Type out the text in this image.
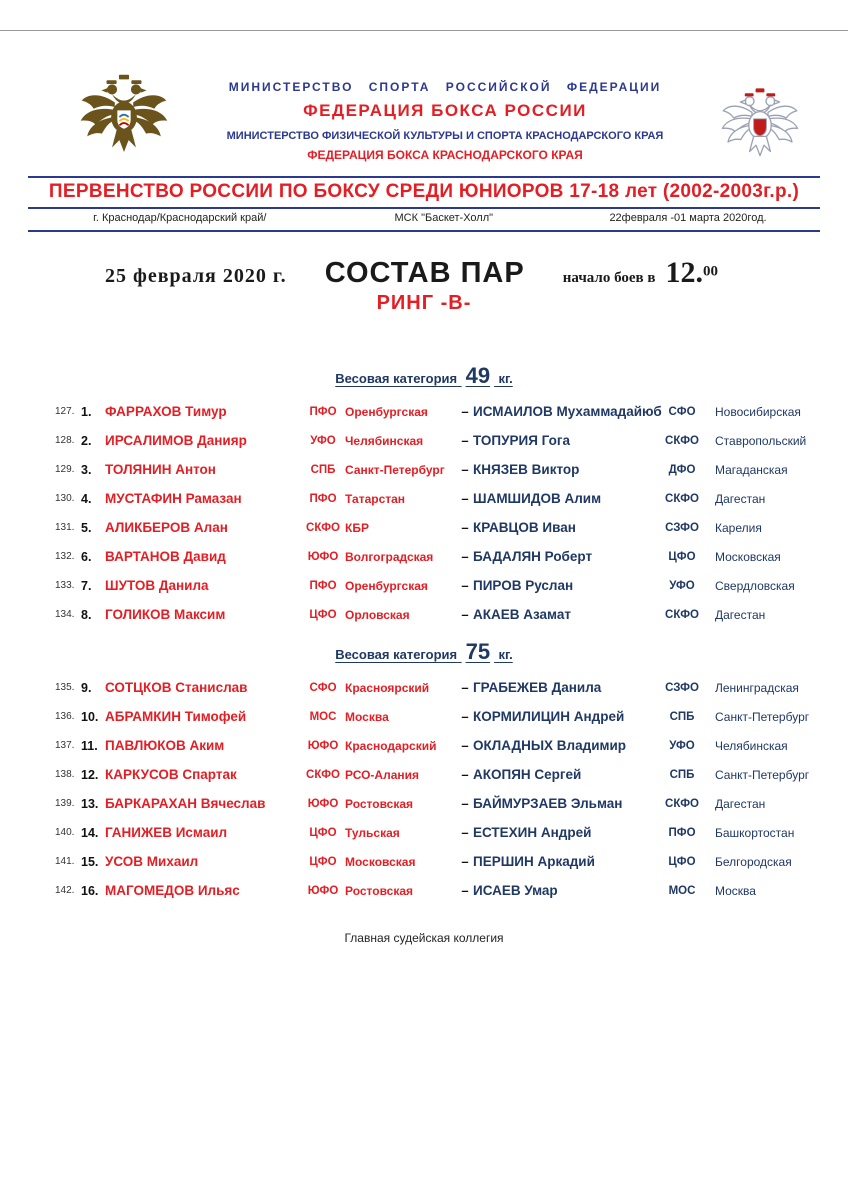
МИНИСТЕРСТВО СПОРТА РОССИЙСКОЙ ФЕДЕРАЦИИ
ФЕДЕРАЦИЯ БОКСА РОССИИ
МИНИСТЕРСТВО ФИЗИЧЕСКОЙ КУЛЬТУРЫ И СПОРТА КРАСНОДАРСКОГО КРАЯ
ФЕДЕРАЦИЯ БОКСА КРАСНОДАРСКОГО КРАЯ
ПЕРВЕНСТВО РОССИИ ПО БОКСУ СРЕДИ ЮНИОРОВ 17-18 лет (2002-2003г.р.)
г. Краснодар/Краснодарский край/	МСК "Баскет-Холл"	22февраля -01 марта 2020год.
25 февраля 2020 г.	СОСТАВ ПАР	начало боев в 12.00
РИНГ -В-
Весовая категория 49 кг.
127. 1.	ФАРРАХОВ Тимур	ПФО Оренбургская	– ИСМАИЛОВ Мухаммадайюб СФО	Новосибирская
128. 2.	ИРСАЛИМОВ Данияр	УФО Челябинская	– ТОПУРИЯ Гога	СКФО	Ставропольский
129. 3.	ТОЛЯНИН Антон	СПБ Санкт-Петербург	– КНЯЗЕВ Виктор	ДФО	Магаданская
130. 4.	МУСТАФИН Рамазан	ПФО Татарстан	– ШАМШИДОВ Алим	СКФО	Дагестан
131. 5.	АЛИКБЕРОВ Алан	СКФО КБР	– КРАВЦОВ Иван	СЗФО	Карелия
132. 6.	ВАРТАНОВ Давид	ЮФО Волгоградская	– БАДАЛЯН Роберт	ЦФО	Московская
133. 7.	ШУТОВ Данила	ПФО Оренбургская	– ПИРОВ Руслан	УФО	Свердловская
134. 8.	ГОЛИКОВ Максим	ЦФО Орловская	– АКАЕВ Азамат	СКФО	Дагестан
Весовая категория 75 кг.
135. 9.	СОТЦКОВ Станислав	СФО Красноярский	– ГРАБЕЖЕВ Данила	СЗФО	Ленинградская
136. 10. АБРАМКИН Тимофей	МОС Москва	– КОРМИЛИЦИН Андрей	СПБ	Санкт-Петербург
137. 11. ПАВЛЮКОВ Аким	ЮФО Краснодарский	– ОКЛАДНЫХ Владимир	УФО	Челябинская
138. 12. КАРКУСОВ Спартак	СКФО РСО-Алания	– АКОПЯН Сергей	СПБ	Санкт-Петербург
139. 13. БАРКАРАХАН Вячеслав	ЮФО Ростовская	– БАЙМУРЗАЕВ Эльман	СКФО	Дагестан
140. 14. ГАНИЖЕВ Исмаил	ЦФО Тульская	– ЕСТЕХИН Андрей	ПФО	Башкортостан
141. 15. УСОВ Михаил	ЦФО Московская	– ПЕРШИН Аркадий	ЦФО	Белгородская
142. 16. МАГОМЕДОВ Ильяс	ЮФО Ростовская	– ИСАЕВ Умар	МОС	Москва
Главная судейская коллегия
